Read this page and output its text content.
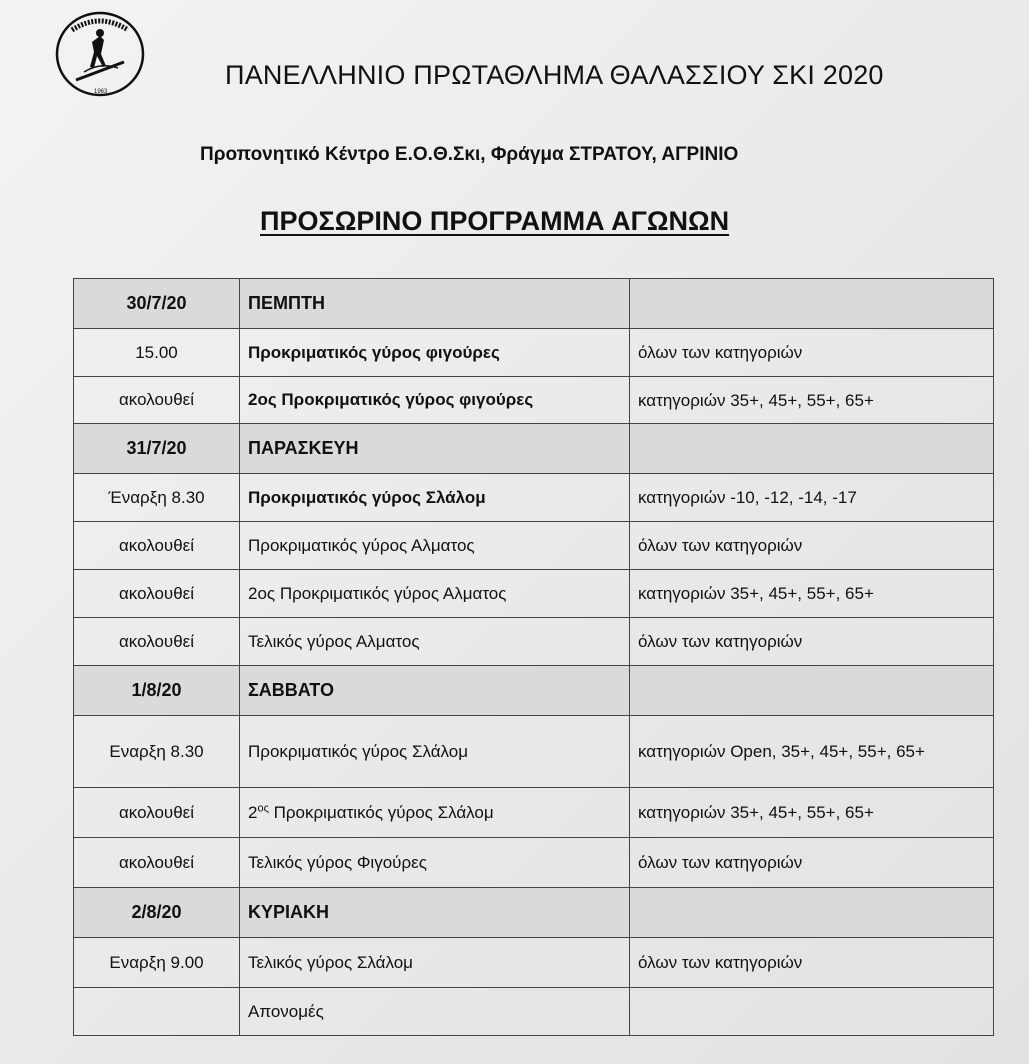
1963
ΠΑΝΕΛΛΗΝΙΟ ΠΡΩΤΑΘΛΗΜΑ ΘΑΛΑΣΣΙΟΥ ΣΚΙ 2020
Προπονητικό Κέντρο Ε.Ο.Θ.Σκι, Φράγμα ΣΤΡΑΤΟΥ, ΑΓΡΙΝΙΟ
ΠΡΟΣΩΡΙΝΟ ΠΡΟΓΡΑΜΜΑ ΑΓΩΝΩΝ
30/7/20	ΠΕΜΠΤΗ	
15.00	Προκριματικός γύρος φιγούρες	όλων των κατηγοριών
ακολουθεί	2ος Προκριματικός γύρος φιγούρες	κατηγοριών 35+, 45+, 55+, 65+
31/7/20	ΠΑΡΑΣΚΕΥΗ	
Έναρξη 8.30	Προκριματικός γύρος Σλάλομ	κατηγοριών -10, -12, -14, -17
ακολουθεί	Προκριματικός γύρος Αλματος	όλων των κατηγοριών
ακολουθεί	2ος Προκριματικός γύρος Αλματος	κατηγοριών 35+, 45+, 55+, 65+
ακολουθεί	Τελικός γύρος Αλματος	όλων των κατηγοριών
1/8/20	ΣΑΒΒΑΤΟ	
Εναρξη 8.30	Προκριματικός γύρος Σλάλομ	κατηγοριών Open, 35+, 45+, 55+, 65+
ακολουθεί	$2^{o\varsigma}$ Προκριματικός γύρος Σλάλομ	κατηγοριών 35+, 45+, 55+, 65+
ακολουθεί	Τελικός γύρος Φιγούρες	όλων των κατηγοριών
2/8/20	ΚΥΡΙΑΚΗ	
Εναρξη 9.00	Τελικός γύρος Σλάλομ	όλων των κατηγοριών
	Απονομές	
